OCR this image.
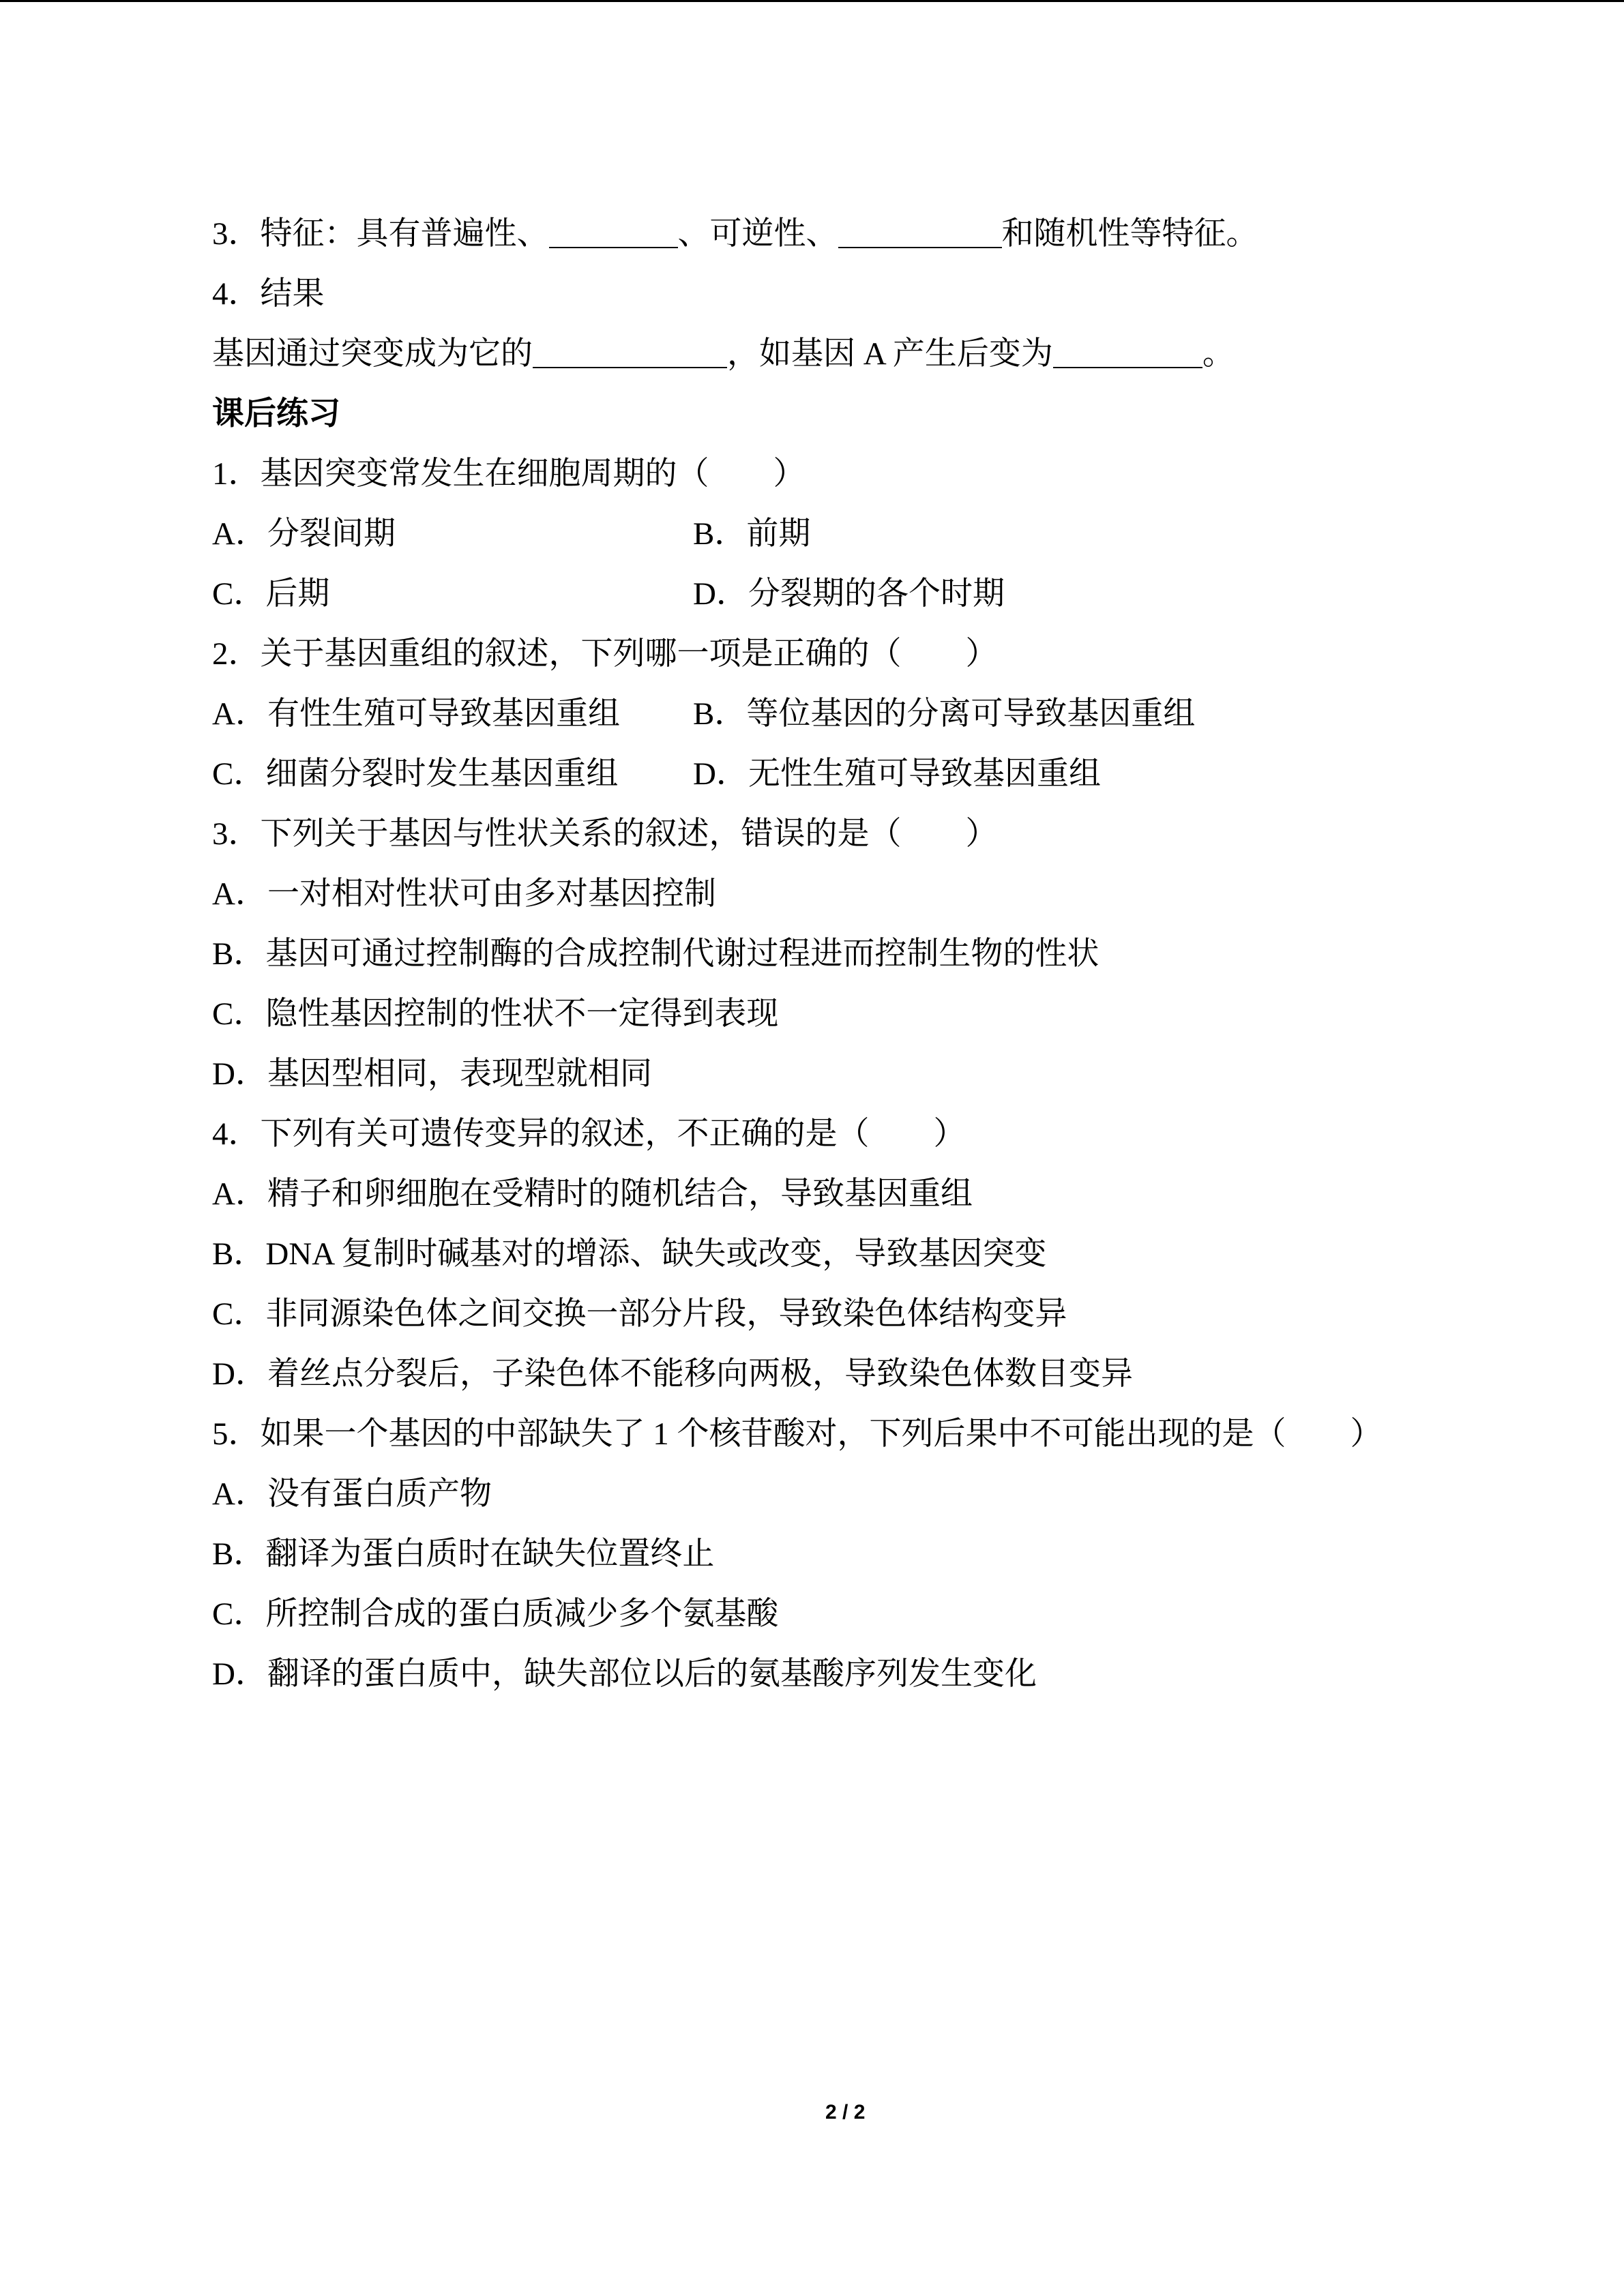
3．特征：具有普遍性、	、可逆性、	和随机性等特征。
4．结果
基因通过突变成为它的	，如基因 A 产生后变为	。
课后练习
1．基因突变常发生在细胞周期的（　　）
A．分裂间期	B．前期
C．后期	D．分裂期的各个时期
2．关于基因重组的叙述，下列哪一项是正确的（　　）
A．有性生殖可导致基因重组 B．等位基因的分离可导致基因重组
C．细菌分裂时发生基因重组 D．无性生殖可导致基因重组
3．下列关于基因与性状关系的叙述，错误的是（　　）
A．一对相对性状可由多对基因控制
B．基因可通过控制酶的合成控制代谢过程进而控制生物的性状
C．隐性基因控制的性状不一定得到表现
D．基因型相同，表现型就相同
4．下列有关可遗传变异的叙述，不正确的是（　　）
A．精子和卵细胞在受精时的随机结合，导致基因重组
B．DNA 复制时碱基对的增添、缺失或改变，导致基因突变
C．非同源染色体之间交换一部分片段，导致染色体结构变异
D．着丝点分裂后，子染色体不能移向两极，导致染色体数目变异
5．如果一个基因的中部缺失了 1 个核苷酸对，下列后果中不可能出现的是（　　）
A．没有蛋白质产物
B．翻译为蛋白质时在缺失位置终止
C．所控制合成的蛋白质减少多个氨基酸
D．翻译的蛋白质中，缺失部位以后的氨基酸序列发生变化
2 / 2
